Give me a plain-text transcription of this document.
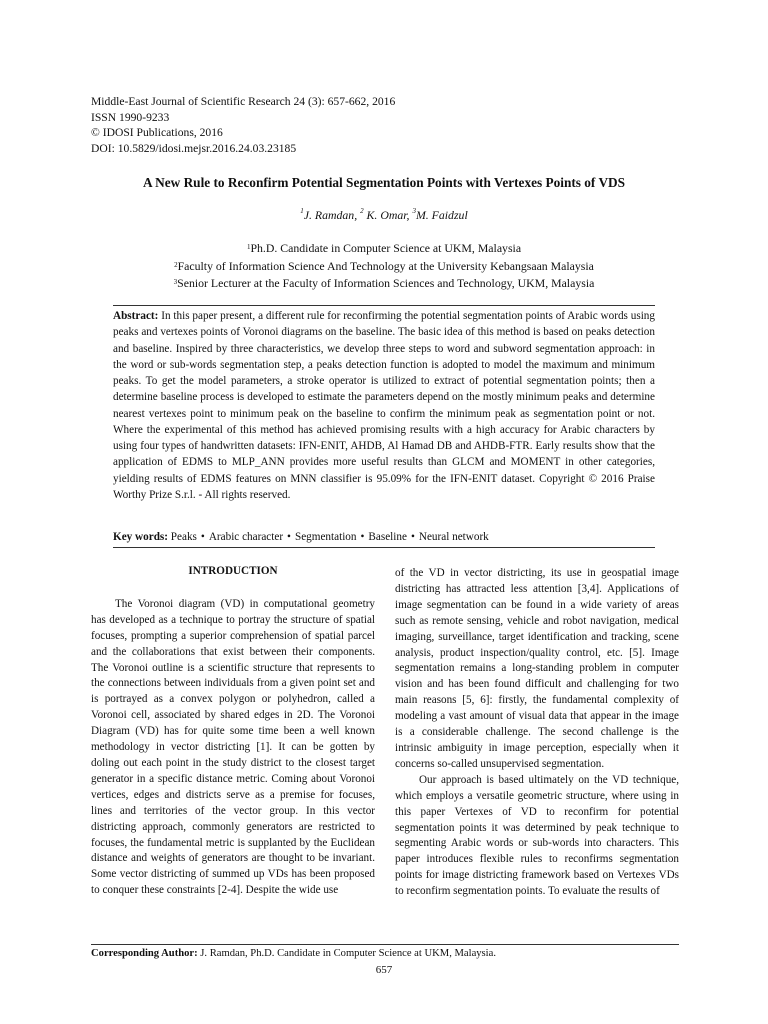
Middle-East Journal of Scientific Research 24 (3): 657-662, 2016
ISSN 1990-9233
© IDOSI Publications, 2016
DOI: 10.5829/idosi.mejsr.2016.24.03.23185
A New Rule to Reconfirm Potential Segmentation Points with Vertexes Points of VDS
$^1$J. Ramdan, $^2$ K. Omar, $^3$M. Faidzul
$^1$Ph.D. Candidate in Computer Science at UKM, Malaysia
$^2$Faculty of Information Science And Technology at the University Kebangsaan Malaysia
$^3$Senior Lecturer at the Faculty of Information Sciences and Technology, UKM, Malaysia
Abstract: In this paper present, a different rule for reconfirming the potential segmentation points of Arabic words using peaks and vertexes points of Voronoi diagrams on the baseline. The basic idea of this method is based on peaks detection and baseline. Inspired by three characteristics, we develop three steps to word and subword segmentation approach: in the word or sub-words segmentation step, a peaks detection function is adopted to model the maximum and minimum peaks. To get the model parameters, a stroke operator is utilized to extract of potential segmentation points; then a determine baseline process is developed to estimate the parameters depend on the mostly minimum peaks and determine nearest vertexes point to minimum peak on the baseline to confirm the minimum peak as segmentation point or not. Where the experimental of this method has achieved promising results with a high accuracy for Arabic characters by using four types of handwritten datasets: IFN-ENIT, AHDB, Al Hamad DB and AHDB-FTR. Early results show that the application of EDMS to MLP_ANN provides more useful results than GLCM and MOMENT in other categories, yielding results of EDMS features on MNN classifier is 95.09% for the IFN-ENIT dataset. Copyright © 2016 Praise Worthy Prize S.r.l. - All rights reserved.
Key words: Peaks • Arabic character • Segmentation • Baseline • Neural network
INTRODUCTION

The Voronoi diagram (VD) in computational geometry has developed as a technique to portray the structure of spatial focuses, prompting a superior comprehension of spatial parcel and the collaborations that exist between their components. The Voronoi outline is a scientific structure that represents to the connections between individuals from a given point set and is portrayed as a convex polygon or polyhedron, called a Voronoi cell, associated by shared edges in 2D. The Voronoi Diagram (VD) has for quite some time been a well known methodology in vector districting [1]. It can be gotten by doling out each point in the study district to the closest target generator in a specific distance metric. Coming about Voronoi vertices, edges and districts serve as a premise for focuses, lines and territories of the vector group. In this vector districting approach, commonly generators are restricted to focuses, the fundamental metric is supplanted by the Euclidean distance and weights of generators are thought to be invariant. Some vector districting of summed up VDs has been proposed to conquer these constraints [2-4]. Despite the wide use

of the VD in vector districting, its use in geospatial image districting has attracted less attention [3,4]. Applications of image segmentation can be found in a wide variety of areas such as remote sensing, vehicle and robot navigation, medical imaging, surveillance, target identification and tracking, scene analysis, product inspection/quality control, etc. [5]. Image segmentation remains a long-standing problem in computer vision and has been found difficult and challenging for two main reasons [5, 6]: firstly, the fundamental complexity of modeling a vast amount of visual data that appear in the image is a considerable challenge. The second challenge is the intrinsic ambiguity in image perception, especially when it concerns so-called unsupervised segmentation.

Our approach is based ultimately on the VD technique, which employs a versatile geometric structure, where using in this paper Vertexes of VD to reconfirm for potential segmentation points it was determined by peak technique to segmenting Arabic words or sub-words into characters. This paper introduces flexible rules to reconfirms segmentation points for image districting framework based on Vertexes VDs to reconfirm segmentation points. To evaluate the results of

Corresponding Author: J. Ramdan, Ph.D. Candidate in Computer Science at UKM, Malaysia.
657
